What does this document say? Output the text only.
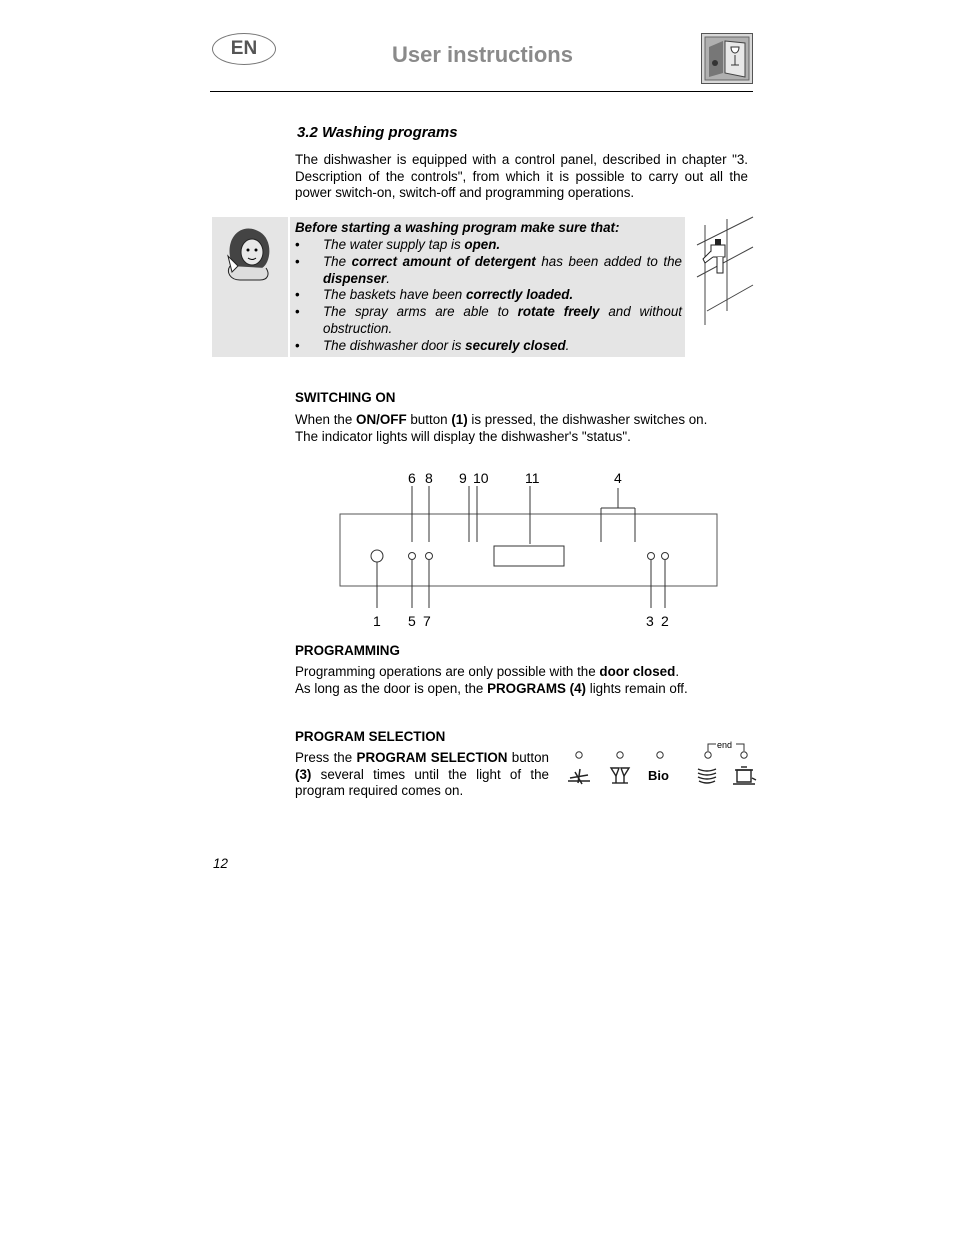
EN	User instructions
3.2 Washing programs
The dishwasher is equipped with a control panel, described in chapter "3. Description of the controls", from which it is possible to carry out all the power switch-on, switch-off and programming operations.
Before starting a washing program make sure that:
• The water supply tap is open.
• The correct amount of detergent has been added to the dispenser.
• The baskets have been correctly loaded.
• The spray arms are able to rotate freely and without obstruction.
• The dishwasher door is securely closed.
SWITCHING ON
When the ON/OFF button (1) is pressed, the dishwasher switches on.
The indicator lights will display the dishwasher's "status".
6 8 9 10	11	4
1 5 7	3 2
PROGRAMMING
Programming operations are only possible with the door closed.
As long as the door is open, the PROGRAMS (4) lights remain off.
PROGRAM SELECTION
Press the PROGRAM SELECTION button (3) several times until the light of the program required comes on.
end
Bio
12
